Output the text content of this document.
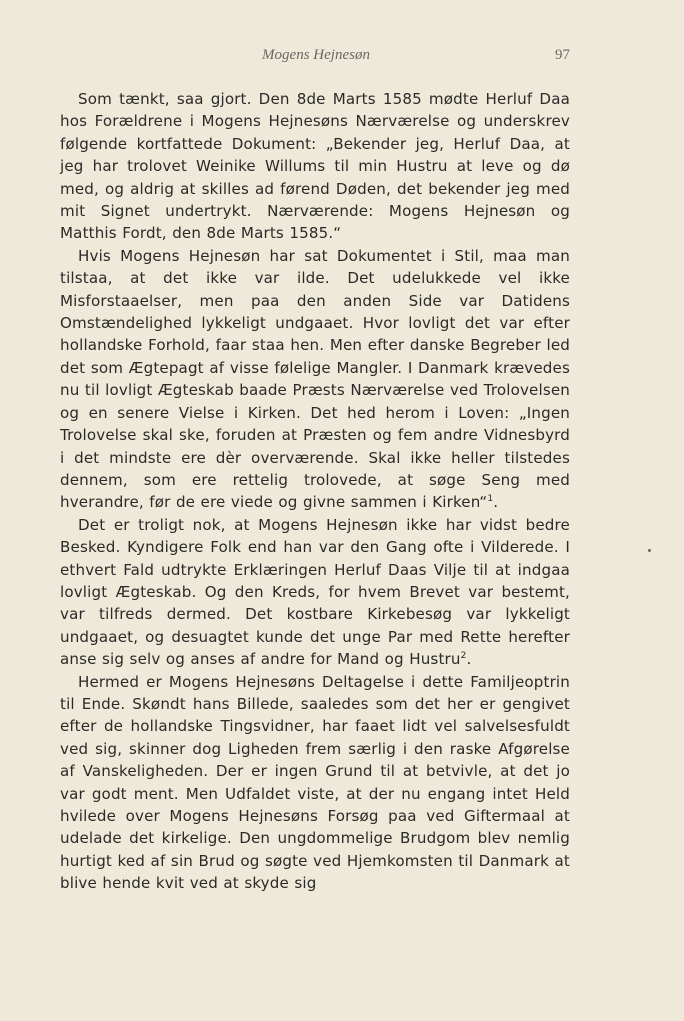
Mogens Hejnesøn	97

Som tænkt, saa gjort. Den 8de Marts 1585 mødte Herluf Daa hos Forældrene i Mogens Hejnesøns Nærværelse og underskrev følgende kortfattede Dokument: „Bekender jeg, Herluf Daa, at jeg har trolovet Weinike Willums til min Hustru at leve og dø med, og aldrig at skilles ad førend Døden, det bekender jeg med mit Signet undertrykt. Nærværende: Mogens Hejnesøn og Matthis Fordt, den 8de Marts 1585.“

Hvis Mogens Hejnesøn har sat Dokumentet i Stil, maa man tilstaa, at det ikke var ilde. Det udelukkede vel ikke Misforstaaelser, men paa den anden Side var Datidens Omstændelighed lykkeligt undgaaet. Hvor lovligt det var efter hollandske Forhold, faar staa hen. Men efter danske Begreber led det som Ægtepagt af visse følelige Mangler. I Danmark krævedes nu til lovligt Ægteskab baade Præsts Nærværelse ved Trolovelsen og en senere Vielse i Kirken. Det hed herom i Loven: „Ingen Trolovelse skal ske, foruden at Præsten og fem andre Vidnesbyrd i det mindste ere dèr overværende. Skal ikke heller tilstedes dennem, som ere rettelig trolovede, at søge Seng med hverandre, før de ere viede og givne sammen i Kirken“$^1$.

Det er troligt nok, at Mogens Hejnesøn ikke har vidst bedre Besked. Kyndigere Folk end han var den Gang ofte i Vilderede. I ethvert Fald udtrykte Erklæringen Herluf Daas Vilje til at indgaa lovligt Ægteskab. Og den Kreds, for hvem Brevet var bestemt, var tilfreds dermed. Det kostbare Kirkebesøg var lykkeligt undgaaet, og desuagtet kunde det unge Par med Rette herefter anse sig selv og anses af andre for Mand og Hustru$^2$.

Hermed er Mogens Hejnesøns Deltagelse i dette Familjeoptrin til Ende. Skøndt hans Billede, saaledes som det her er gengivet efter de hollandske Tingsvidner, har faaet lidt vel salvelsesfuldt ved sig, skinner dog Ligheden frem særlig i den raske Afgørelse af Vanskeligheden. Der er ingen Grund til at betvivle, at det jo var godt ment. Men Udfaldet viste, at der nu engang intet Held hvilede over Mogens Hejnesøns Forsøg paa ved Giftermaal at udelade det kirkelige. Den ungdommelige Brudgom blev nemlig hurtigt ked af sin Brud og søgte ved Hjemkomsten til Danmark at blive hende kvit ved at skyde sig
